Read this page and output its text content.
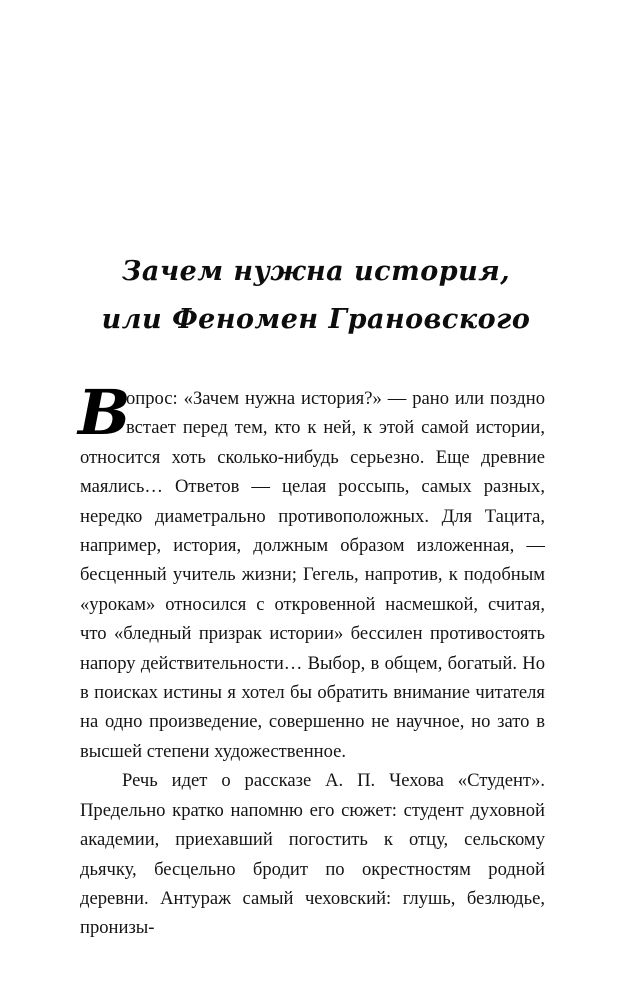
Зачем нужна история,
или Феномен Грановского

В
опрос: «Зачем нужна история?» — рано или поздно встает перед тем, кто к ней, к этой самой истории, относится хоть сколько-нибудь серьезно. Еще древние маялись… Ответов — целая россыпь, самых разных, нередко диаметрально противоположных. Для Тацита, например, история, должным образом изложенная, — бесценный учитель жизни; Гегель, напротив, к подобным «урокам» относился с откровенной насмешкой, считая, что «бледный призрак истории» бессилен противостоять напору действительности… Выбор, в общем, богатый. Но в поисках истины я хотел бы обратить внимание читателя на одно произведение, совершенно не научное, но зато в высшей степени художественное.

Речь идет о рассказе А. П. Чехова «Студент». Предельно кратко напомню его сюжет: студент духовной академии, приехавший погостить к отцу, сельскому дьячку, бесцельно бродит по окрестностям родной деревни. Антураж самый чеховский: глушь, безлюдье, пронизы-
